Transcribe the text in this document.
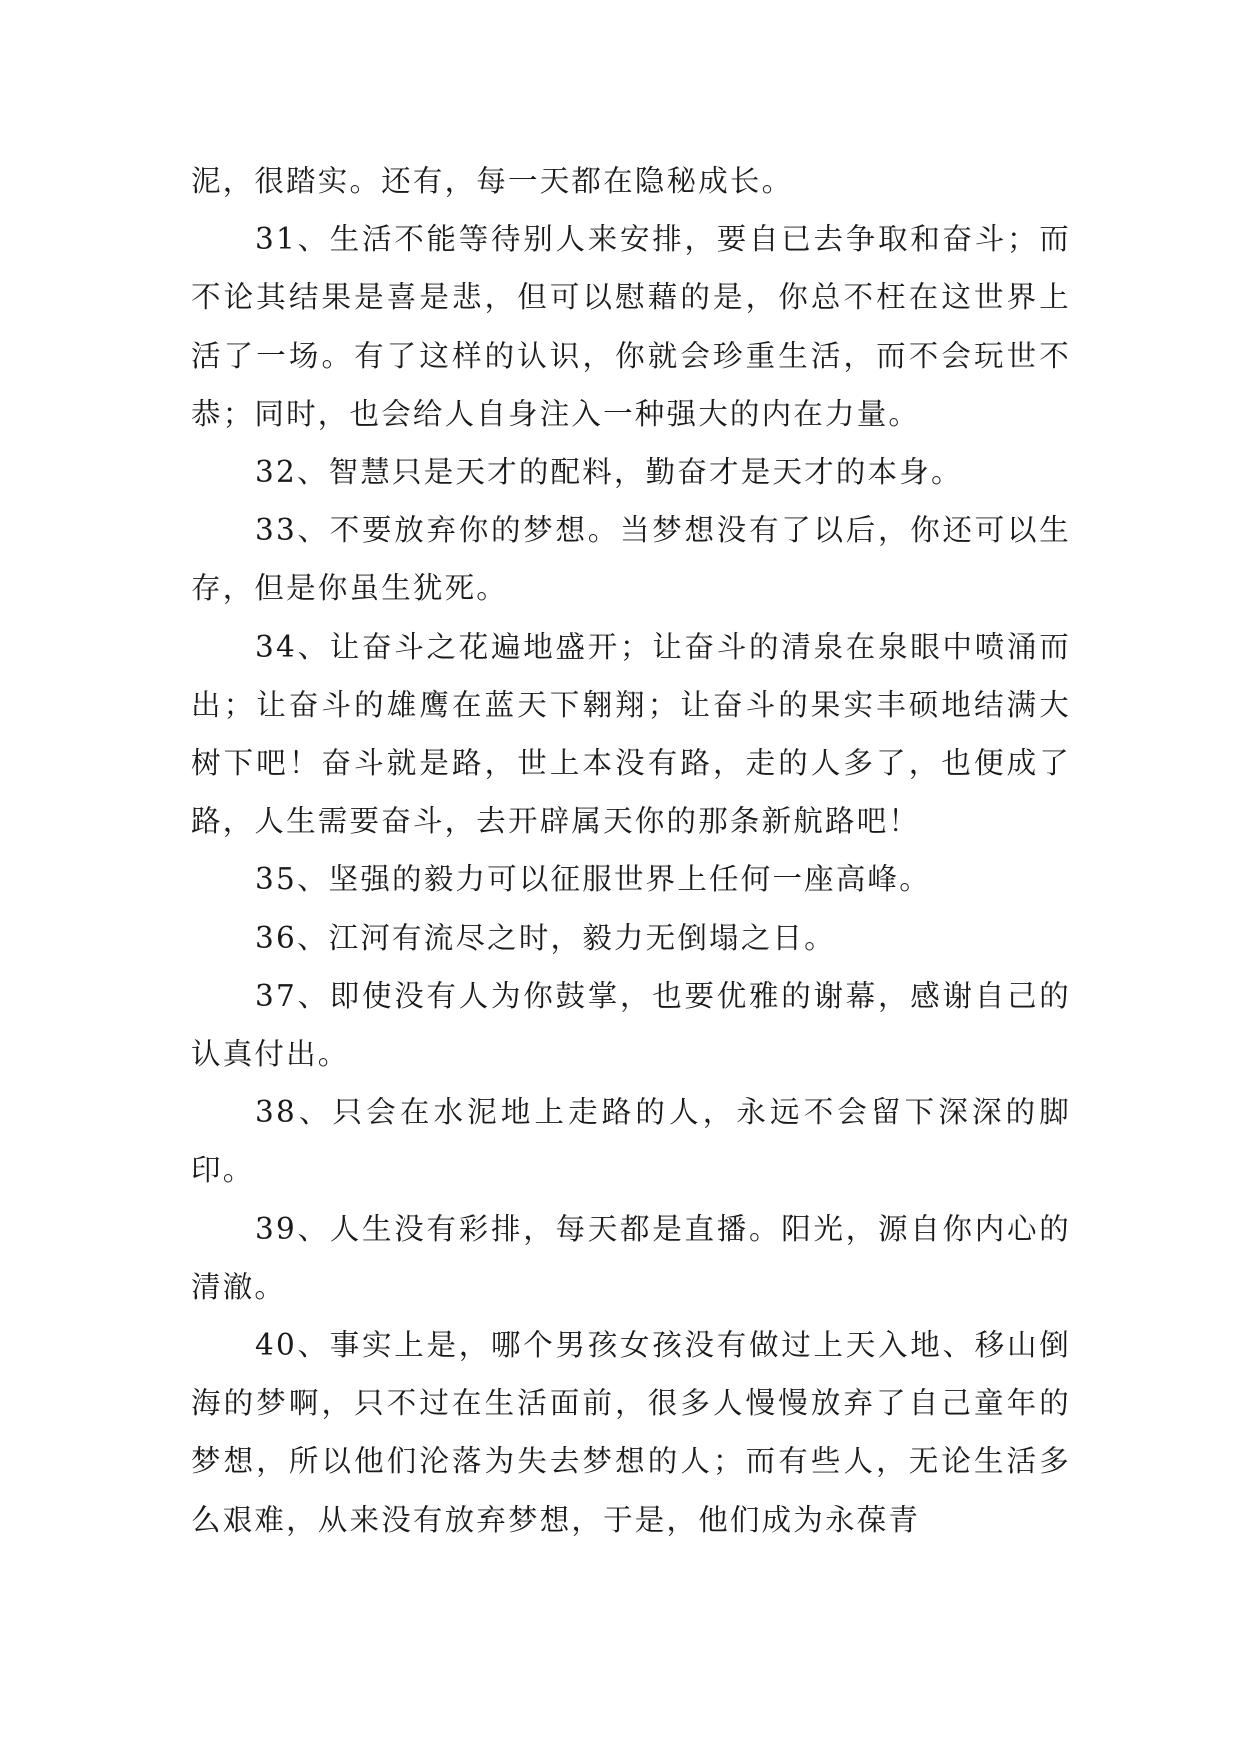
泥，很踏实。还有，每一天都在隐秘成长。

31、生活不能等待别人来安排，要自已去争取和奋斗；而不论其结果是喜是悲，但可以慰藉的是，你总不枉在这世界上活了一场。有了这样的认识，你就会珍重生活，而不会玩世不恭；同时，也会给人自身注入一种强大的内在力量。

32、智慧只是天才的配料，勤奋才是天才的本身。

33、不要放弃你的梦想。当梦想没有了以后，你还可以生存，但是你虽生犹死。

34、让奋斗之花遍地盛开；让奋斗的清泉在泉眼中喷涌而出；让奋斗的雄鹰在蓝天下翱翔；让奋斗的果实丰硕地结满大树下吧！奋斗就是路，世上本没有路，走的人多了，也便成了路，人生需要奋斗，去开辟属天你的那条新航路吧！

35、坚强的毅力可以征服世界上任何一座高峰。

36、江河有流尽之时，毅力无倒塌之日。

37、即使没有人为你鼓掌，也要优雅的谢幕，感谢自己的认真付出。

38、只会在水泥地上走路的人，永远不会留下深深的脚印。

39、人生没有彩排，每天都是直播。阳光，源自你内心的清澈。

40、事实上是，哪个男孩女孩没有做过上天入地、移山倒海的梦啊，只不过在生活面前，很多人慢慢放弃了自己童年的梦想，所以他们沦落为失去梦想的人；而有些人，无论生活多么艰难，从来没有放弃梦想，于是，他们成为永葆青
